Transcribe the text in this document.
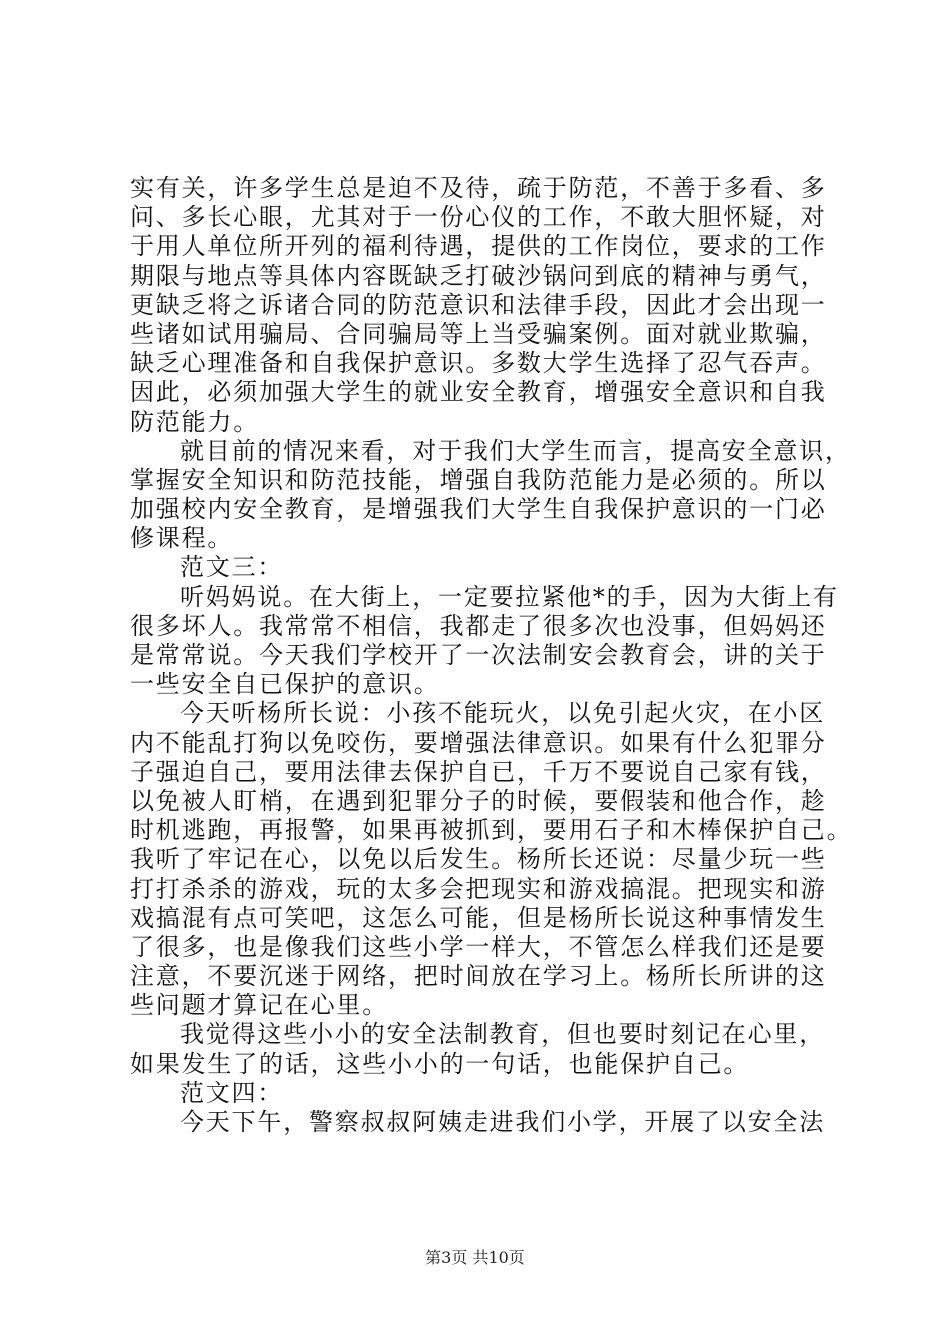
实有关，许多学生总是迫不及待，疏于防范，不善于多看、多
问、多长心眼，尤其对于一份心仪的工作，不敢大胆怀疑，对
于用人单位所开列的福利待遇，提供的工作岗位，要求的工作
期限与地点等具体内容既缺乏打破沙锅问到底的精神与勇气，
更缺乏将之诉诸合同的防范意识和法律手段，因此才会出现一
些诸如试用骗局、合同骗局等上当受骗案例。面对就业欺骗，
缺乏心理准备和自我保护意识。多数大学生选择了忍气吞声。
因此，必须加强大学生的就业安全教育，增强安全意识和自我
防范能力。
就目前的情况来看，对于我们大学生而言，提高安全意识，
掌握安全知识和防范技能，增强自我防范能力是必须的。所以
加强校内安全教育，是增强我们大学生自我保护意识的一门必
修课程。
范文三：
听妈妈说。在大街上，一定要拉紧他*的手，因为大街上有
很多坏人。我常常不相信，我都走了很多次也没事，但妈妈还
是常常说。今天我们学校开了一次法制安会教育会，讲的关于
一些安全自已保护的意识。
今天听杨所长说：小孩不能玩火，以免引起火灾，在小区
内不能乱打狗以免咬伤，要增强法律意识。如果有什么犯罪分
子强迫自己，要用法律去保护自已，千万不要说自己家有钱，
以免被人盯梢，在遇到犯罪分子的时候，要假装和他合作，趁
时机逃跑，再报警，如果再被抓到，要用石子和木棒保护自己。
我听了牢记在心，以免以后发生。杨所长还说：尽量少玩一些
打打杀杀的游戏，玩的太多会把现实和游戏搞混。把现实和游
戏搞混有点可笑吧，这怎么可能，但是杨所长说这种事情发生
了很多，也是像我们这些小学一样大，不管怎么样我们还是要
注意，不要沉迷于网络，把时间放在学习上。杨所长所讲的这
些问题才算记在心里。
我觉得这些小小的安全法制教育，但也要时刻记在心里，
如果发生了的话，这些小小的一句话，也能保护自己。
范文四：
今天下午，警察叔叔阿姨走进我们小学，开展了以安全法
第3页 共10页
